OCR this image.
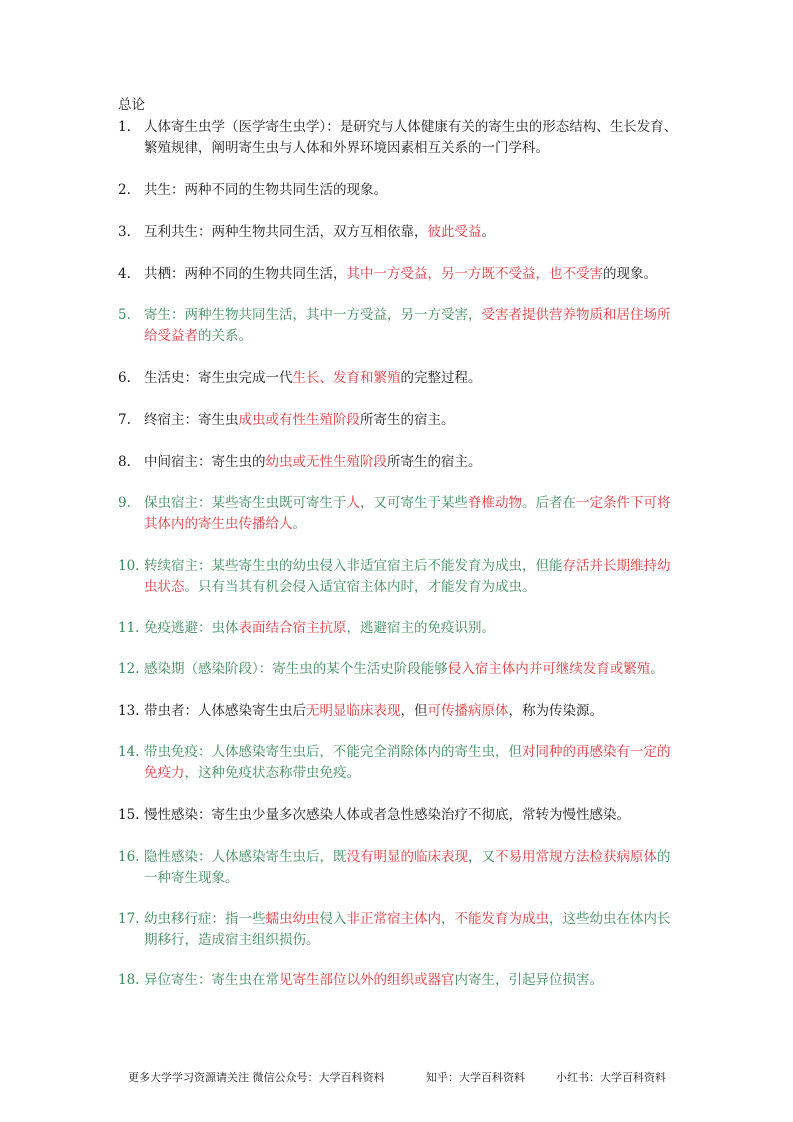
总论
1. 人体寄生虫学（医学寄生虫学）：是研究与人体健康有关的寄生虫的形态结构、生长发育、繁殖规律，阐明寄生虫与人体和外界环境因素相互关系的一门学科。
2. 共生：两种不同的生物共同生活的现象。
3. 互利共生：两种生物共同生活，双方互相依靠，彼此受益。
4. 共栖：两种不同的生物共同生活，其中一方受益，另一方既不受益，也不受害的现象。
5. 寄生：两种生物共同生活，其中一方受益，另一方受害，受害者提供营养物质和居住场所给受益者的关系。
6. 生活史：寄生虫完成一代生长、发育和繁殖的完整过程。
7. 终宿主：寄生虫成虫或有性生殖阶段所寄生的宿主。
8. 中间宿主：寄生虫的幼虫或无性生殖阶段所寄生的宿主。
9. 保虫宿主：某些寄生虫既可寄生于人，又可寄生于某些脊椎动物。后者在一定条件下可将其体内的寄生虫传播给人。
10. 转续宿主：某些寄生虫的幼虫侵入非适宜宿主后不能发育为成虫，但能存活并长期维持幼虫状态。只有当其有机会侵入适宜宿主体内时，才能发育为成虫。
11. 免疫逃避：虫体表面结合宿主抗原，逃避宿主的免疫识别。
12. 感染期（感染阶段）：寄生虫的某个生活史阶段能够侵入宿主体内并可继续发育或繁殖。
13. 带虫者：人体感染寄生虫后无明显临床表现，但可传播病原体，称为传染源。
14. 带虫免疫：人体感染寄生虫后，不能完全消除体内的寄生虫，但对同种的再感染有一定的免疫力，这种免疫状态称带虫免疫。
15. 慢性感染：寄生虫少量多次感染人体或者急性感染治疗不彻底，常转为慢性感染。
16. 隐性感染：人体感染寄生虫后，既没有明显的临床表现，又不易用常规方法检获病原体的一种寄生现象。
17. 幼虫移行症：指一些蠕虫幼虫侵入非正常宿主体内，不能发育为成虫，这些幼虫在体内长期移行，造成宿主组织损伤。
18. 异位寄生：寄生虫在常见寄生部位以外的组织或器官内寄生，引起异位损害。
更多大学学习资源请关注 微信公众号：大学百科资料	知乎：大学百科资料	小红书：大学百科资料
